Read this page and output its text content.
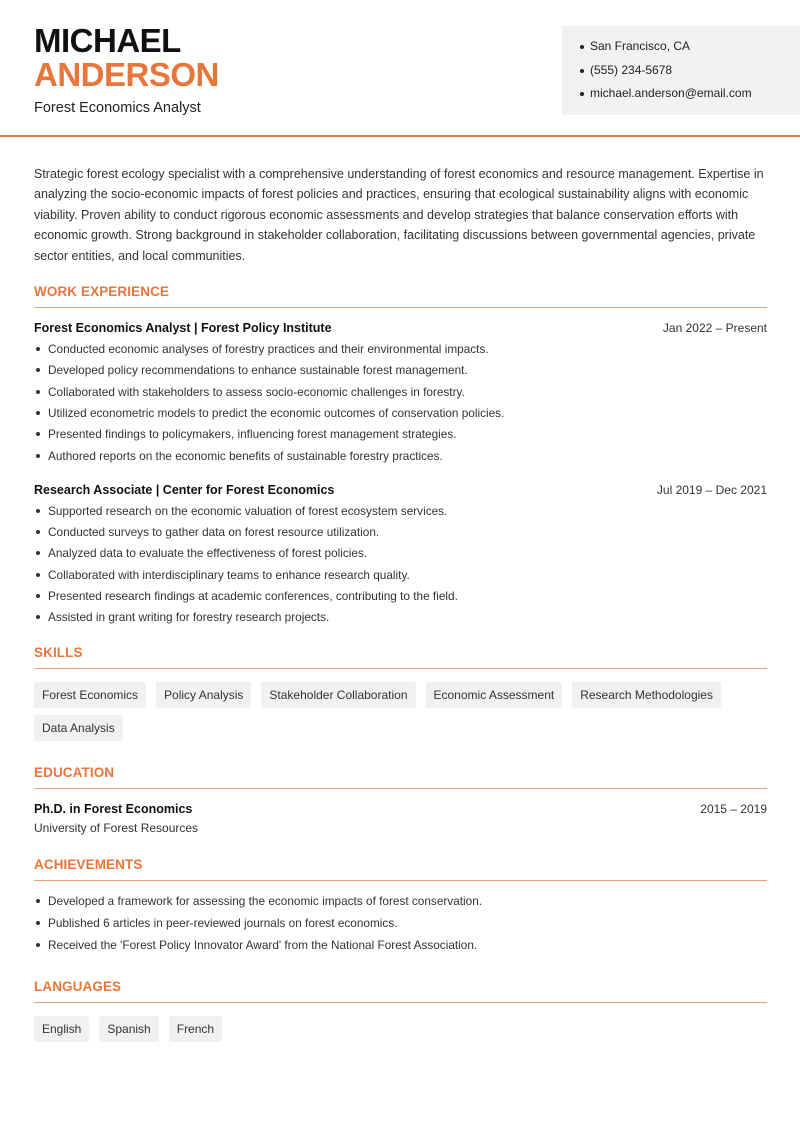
MICHAEL
ANDERSON
Forest Economics Analyst
San Francisco, CA
(555) 234-5678
michael.anderson@email.com
Strategic forest ecology specialist with a comprehensive understanding of forest economics and resource management. Expertise in analyzing the socio-economic impacts of forest policies and practices, ensuring that ecological sustainability aligns with economic viability. Proven ability to conduct rigorous economic assessments and develop strategies that balance conservation efforts with economic growth. Strong background in stakeholder collaboration, facilitating discussions between governmental agencies, private sector entities, and local communities.
WORK EXPERIENCE
Forest Economics Analyst | Forest Policy Institute	Jan 2022 – Present
Conducted economic analyses of forestry practices and their environmental impacts.
Developed policy recommendations to enhance sustainable forest management.
Collaborated with stakeholders to assess socio-economic challenges in forestry.
Utilized econometric models to predict the economic outcomes of conservation policies.
Presented findings to policymakers, influencing forest management strategies.
Authored reports on the economic benefits of sustainable forestry practices.
Research Associate | Center for Forest Economics	Jul 2019 – Dec 2021
Supported research on the economic valuation of forest ecosystem services.
Conducted surveys to gather data on forest resource utilization.
Analyzed data to evaluate the effectiveness of forest policies.
Collaborated with interdisciplinary teams to enhance research quality.
Presented research findings at academic conferences, contributing to the field.
Assisted in grant writing for forestry research projects.
SKILLS
Forest Economics	Policy Analysis	Stakeholder Collaboration	Economic Assessment	Research Methodologies
Data Analysis
EDUCATION
Ph.D. in Forest Economics	2015 – 2019
University of Forest Resources
ACHIEVEMENTS
Developed a framework for assessing the economic impacts of forest conservation.
Published 6 articles in peer-reviewed journals on forest economics.
Received the 'Forest Policy Innovator Award' from the National Forest Association.
LANGUAGES
English	Spanish	French
